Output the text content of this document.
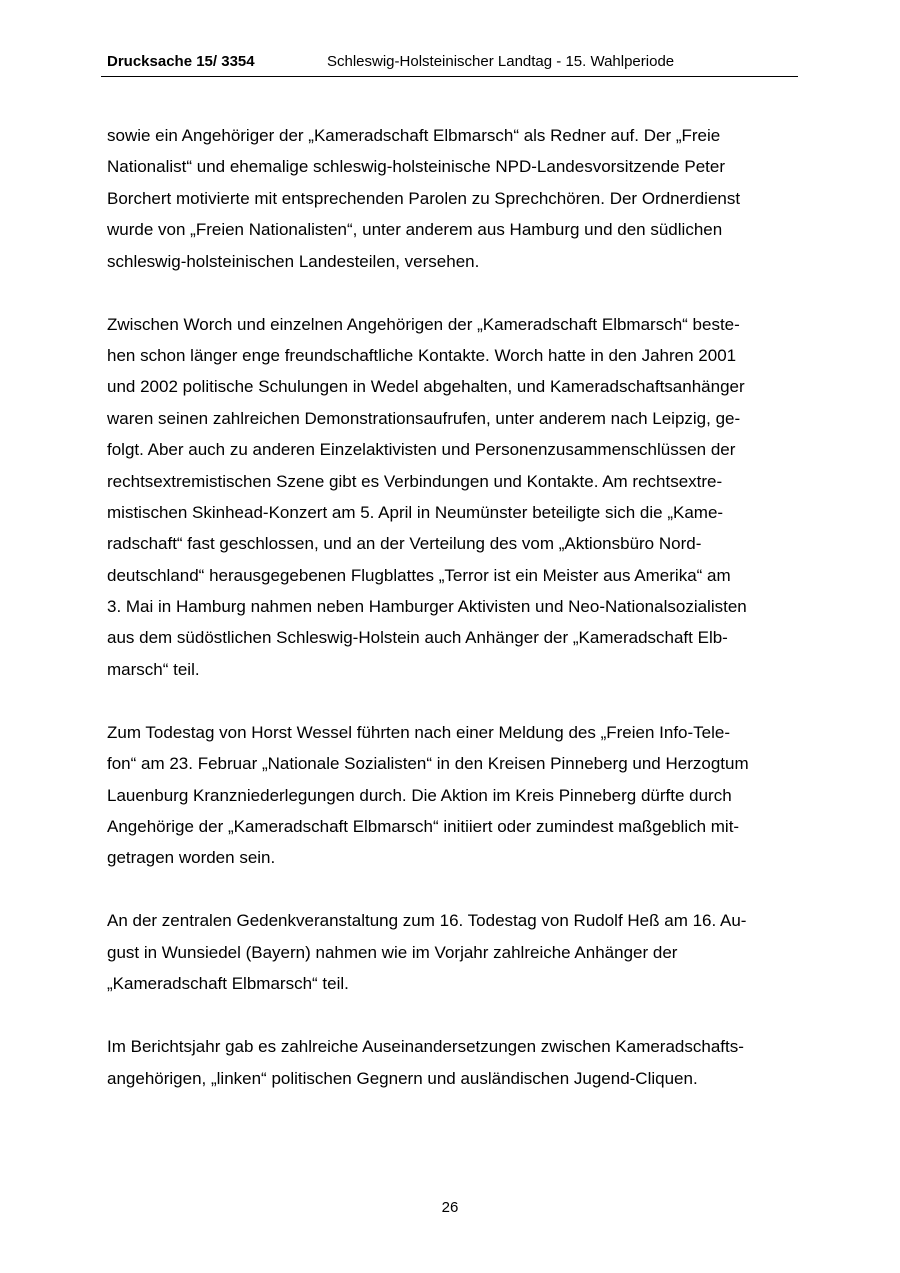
Drucksache 15/ 3354	Schleswig-Holsteinischer Landtag - 15. Wahlperiode
sowie ein Angehöriger der „Kameradschaft Elbmarsch“ als Redner auf. Der „Freie
Nationalist“ und ehemalige schleswig-holsteinische NPD-Landesvorsitzende Peter
Borchert motivierte mit entsprechenden Parolen zu Sprechchören. Der Ordnerdienst
wurde von „Freien Nationalisten“, unter anderem aus Hamburg und den südlichen
schleswig-holsteinischen Landesteilen, versehen.
Zwischen Worch und einzelnen Angehörigen der „Kameradschaft Elbmarsch“ beste-
hen schon länger enge freundschaftliche Kontakte. Worch hatte in den Jahren 2001
und 2002 politische Schulungen in Wedel abgehalten, und Kameradschaftsanhänger
waren seinen zahlreichen Demonstrationsaufrufen, unter anderem nach Leipzig, ge-
folgt. Aber auch zu anderen Einzelaktivisten und Personenzusammenschlüssen der
rechtsextremistischen Szene gibt es Verbindungen und Kontakte. Am rechtsextre-
mistischen Skinhead-Konzert am 5. April in Neumünster beteiligte sich die „Kame-
radschaft“ fast geschlossen, und an der Verteilung des vom „Aktionsbüro Nord-
deutschland“ herausgegebenen Flugblattes „Terror ist ein Meister aus Amerika“ am
3. Mai in Hamburg nahmen neben Hamburger Aktivisten und Neo-Nationalsozialisten
aus dem südöstlichen Schleswig-Holstein auch Anhänger der „Kameradschaft Elb-
marsch“ teil.
Zum Todestag von Horst Wessel führten nach einer Meldung des „Freien Info-Tele-
fon“ am 23. Februar „Nationale Sozialisten“ in den Kreisen Pinneberg und Herzogtum
Lauenburg Kranzniederlegungen durch. Die Aktion im Kreis Pinneberg dürfte durch
Angehörige der „Kameradschaft Elbmarsch“ initiiert oder zumindest maßgeblich mit-
getragen worden sein.
An der zentralen Gedenkveranstaltung zum 16. Todestag von Rudolf Heß am 16. Au-
gust in Wunsiedel (Bayern) nahmen wie im Vorjahr zahlreiche Anhänger der
„Kameradschaft Elbmarsch“ teil.
Im Berichtsjahr gab es zahlreiche Auseinandersetzungen zwischen Kameradschafts-
angehörigen, „linken“ politischen Gegnern und ausländischen Jugend-Cliquen.
26
